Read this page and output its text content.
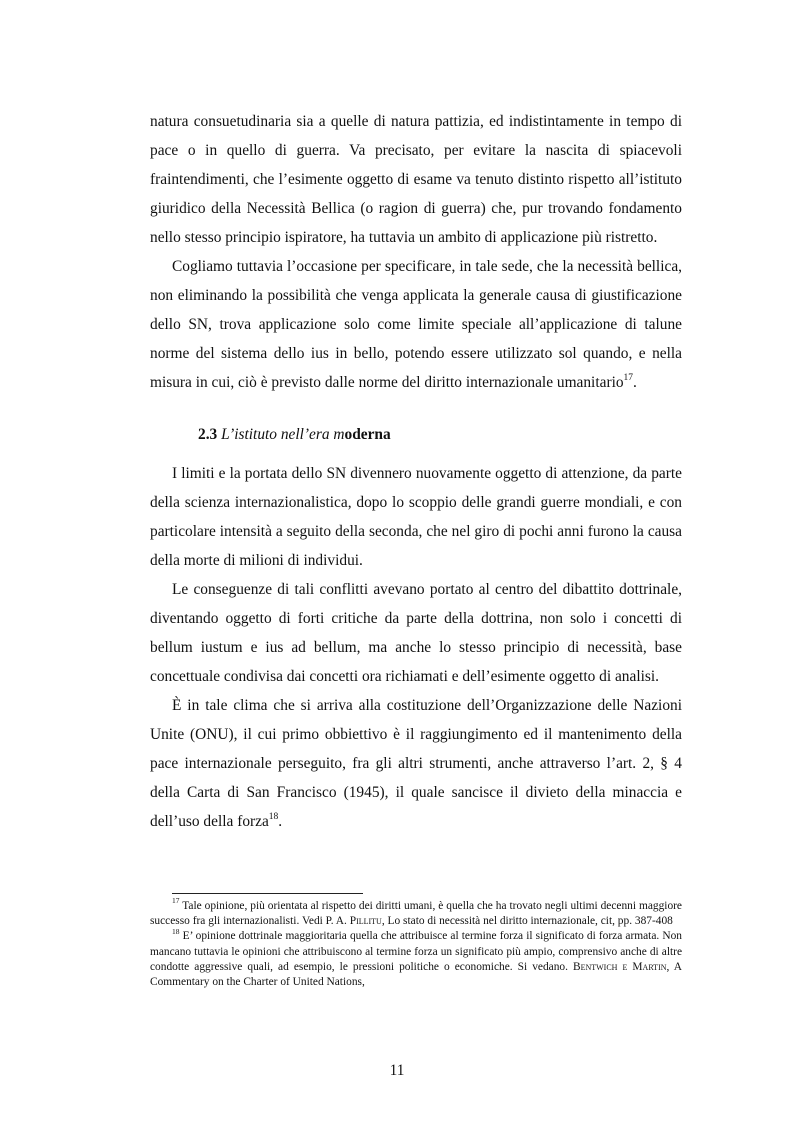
natura consuetudinaria sia a quelle di natura pattizia, ed indistintamente in tempo di pace o in quello di guerra. Va precisato, per evitare la nascita di spiacevoli fraintendimenti, che l’esimente oggetto di esame va tenuto distinto rispetto all’istituto giuridico della Necessità Bellica (o ragion di guerra) che, pur trovando fondamento nello stesso principio ispiratore, ha tuttavia un ambito di applicazione più ristretto.

Cogliamo tuttavia l’occasione per specificare, in tale sede, che la necessità bellica, non eliminando la possibilità che venga applicata la generale causa di giustificazione dello SN, trova applicazione solo come limite speciale all’applicazione di talune norme del sistema dello ius in bello, potendo essere utilizzato sol quando, e nella misura in cui, ciò è previsto dalle norme del diritto internazionale umanitario$^{17}$.

2.3 L’istituto nell’era moderna

I limiti e la portata dello SN divennero nuovamente oggetto di attenzione, da parte della scienza internazionalistica, dopo lo scoppio delle grandi guerre mondiali, e con particolare intensità a seguito della seconda, che nel giro di pochi anni furono la causa della morte di milioni di individui.

Le conseguenze di tali conflitti avevano portato al centro del dibattito dottrinale, diventando oggetto di forti critiche da parte della dottrina, non solo i concetti di bellum iustum e ius ad bellum, ma anche lo stesso principio di necessità, base concettuale condivisa dai concetti ora richiamati e dell’esimente oggetto di analisi.

È in tale clima che si arriva alla costituzione dell’Organizzazione delle Nazioni Unite (ONU), il cui primo obbiettivo è il raggiungimento ed il mantenimento della pace internazionale perseguito, fra gli altri strumenti, anche attraverso l’art. 2, § 4 della Carta di San Francisco (1945), il quale sancisce il divieto della minaccia e dell’uso della forza$^{18}$.

$^{17}$ Tale opinione, più orientata al rispetto dei diritti umani, è quella che ha trovato negli ultimi decenni maggiore successo fra gli internazionalisti. Vedi P. A. Pillitu, Lo stato di necessità nel diritto internazionale, cit, pp. 387-408

$^{18}$ E’ opinione dottrinale maggioritaria quella che attribuisce al termine forza il significato di forza armata. Non mancano tuttavia le opinioni che attribuiscono al termine forza un significato più ampio, comprensivo anche di altre condotte aggressive quali, ad esempio, le pressioni politiche o economiche. Si vedano. Bentwich e Martin, A Commentary on the Charter of United Nations,

11
